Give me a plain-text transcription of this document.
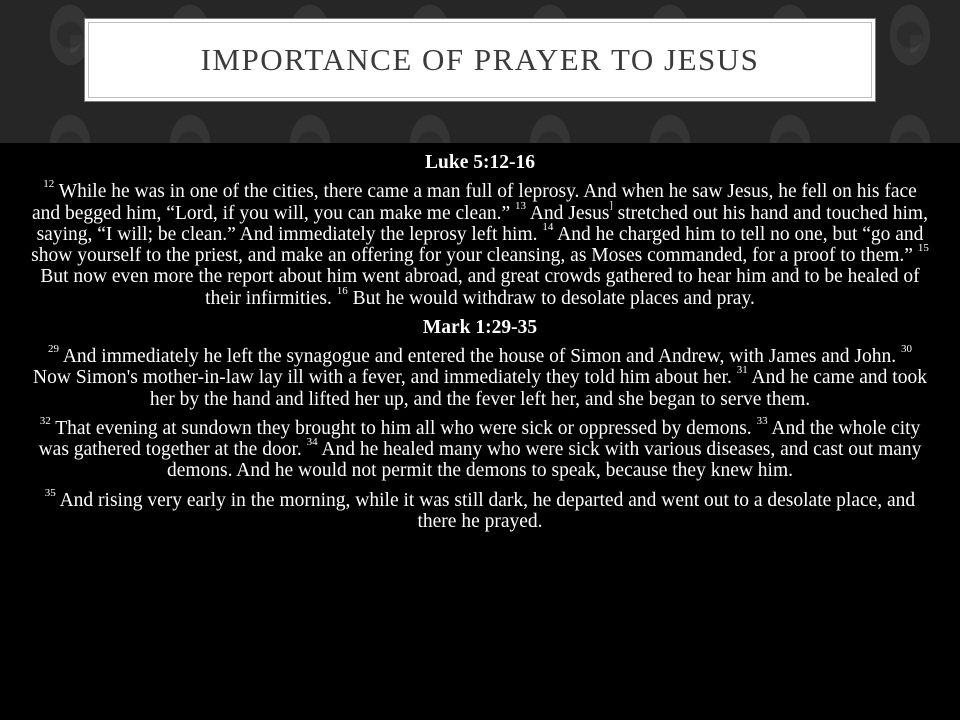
IMPORTANCE OF PRAYER TO JESUS

Luke 5:12-16

$^{12}$ While he was in one of the cities, there came a man full of leprosy. And when he saw Jesus, he fell on his face and begged him, “Lord, if you will, you can make me clean.” $^{13}$ And Jesus] stretched out his hand and touched him, saying, “I will; be clean.” And immediately the leprosy left him. $^{14}$ And he charged him to tell no one, but “go and show yourself to the priest, and make an offering for your cleansing, as Moses commanded, for a proof to them.” $^{15}$ But now even more the report about him went abroad, and great crowds gathered to hear him and to be healed of their infirmities. $^{16}$ But he would withdraw to desolate places and pray.

Mark 1:29-35

$^{29}$ And immediately he left the synagogue and entered the house of Simon and Andrew, with James and John. $^{30}$ Now Simon's mother-in-law lay ill with a fever, and immediately they told him about her. $^{31}$ And he came and took her by the hand and lifted her up, and the fever left her, and she began to serve them.

$^{32}$ That evening at sundown they brought to him all who were sick or oppressed by demons. $^{33}$ And the whole city was gathered together at the door. $^{34}$ And he healed many who were sick with various diseases, and cast out many demons. And he would not permit the demons to speak, because they knew him.

$^{35}$ And rising very early in the morning, while it was still dark, he departed and went out to a desolate place, and there he prayed.
